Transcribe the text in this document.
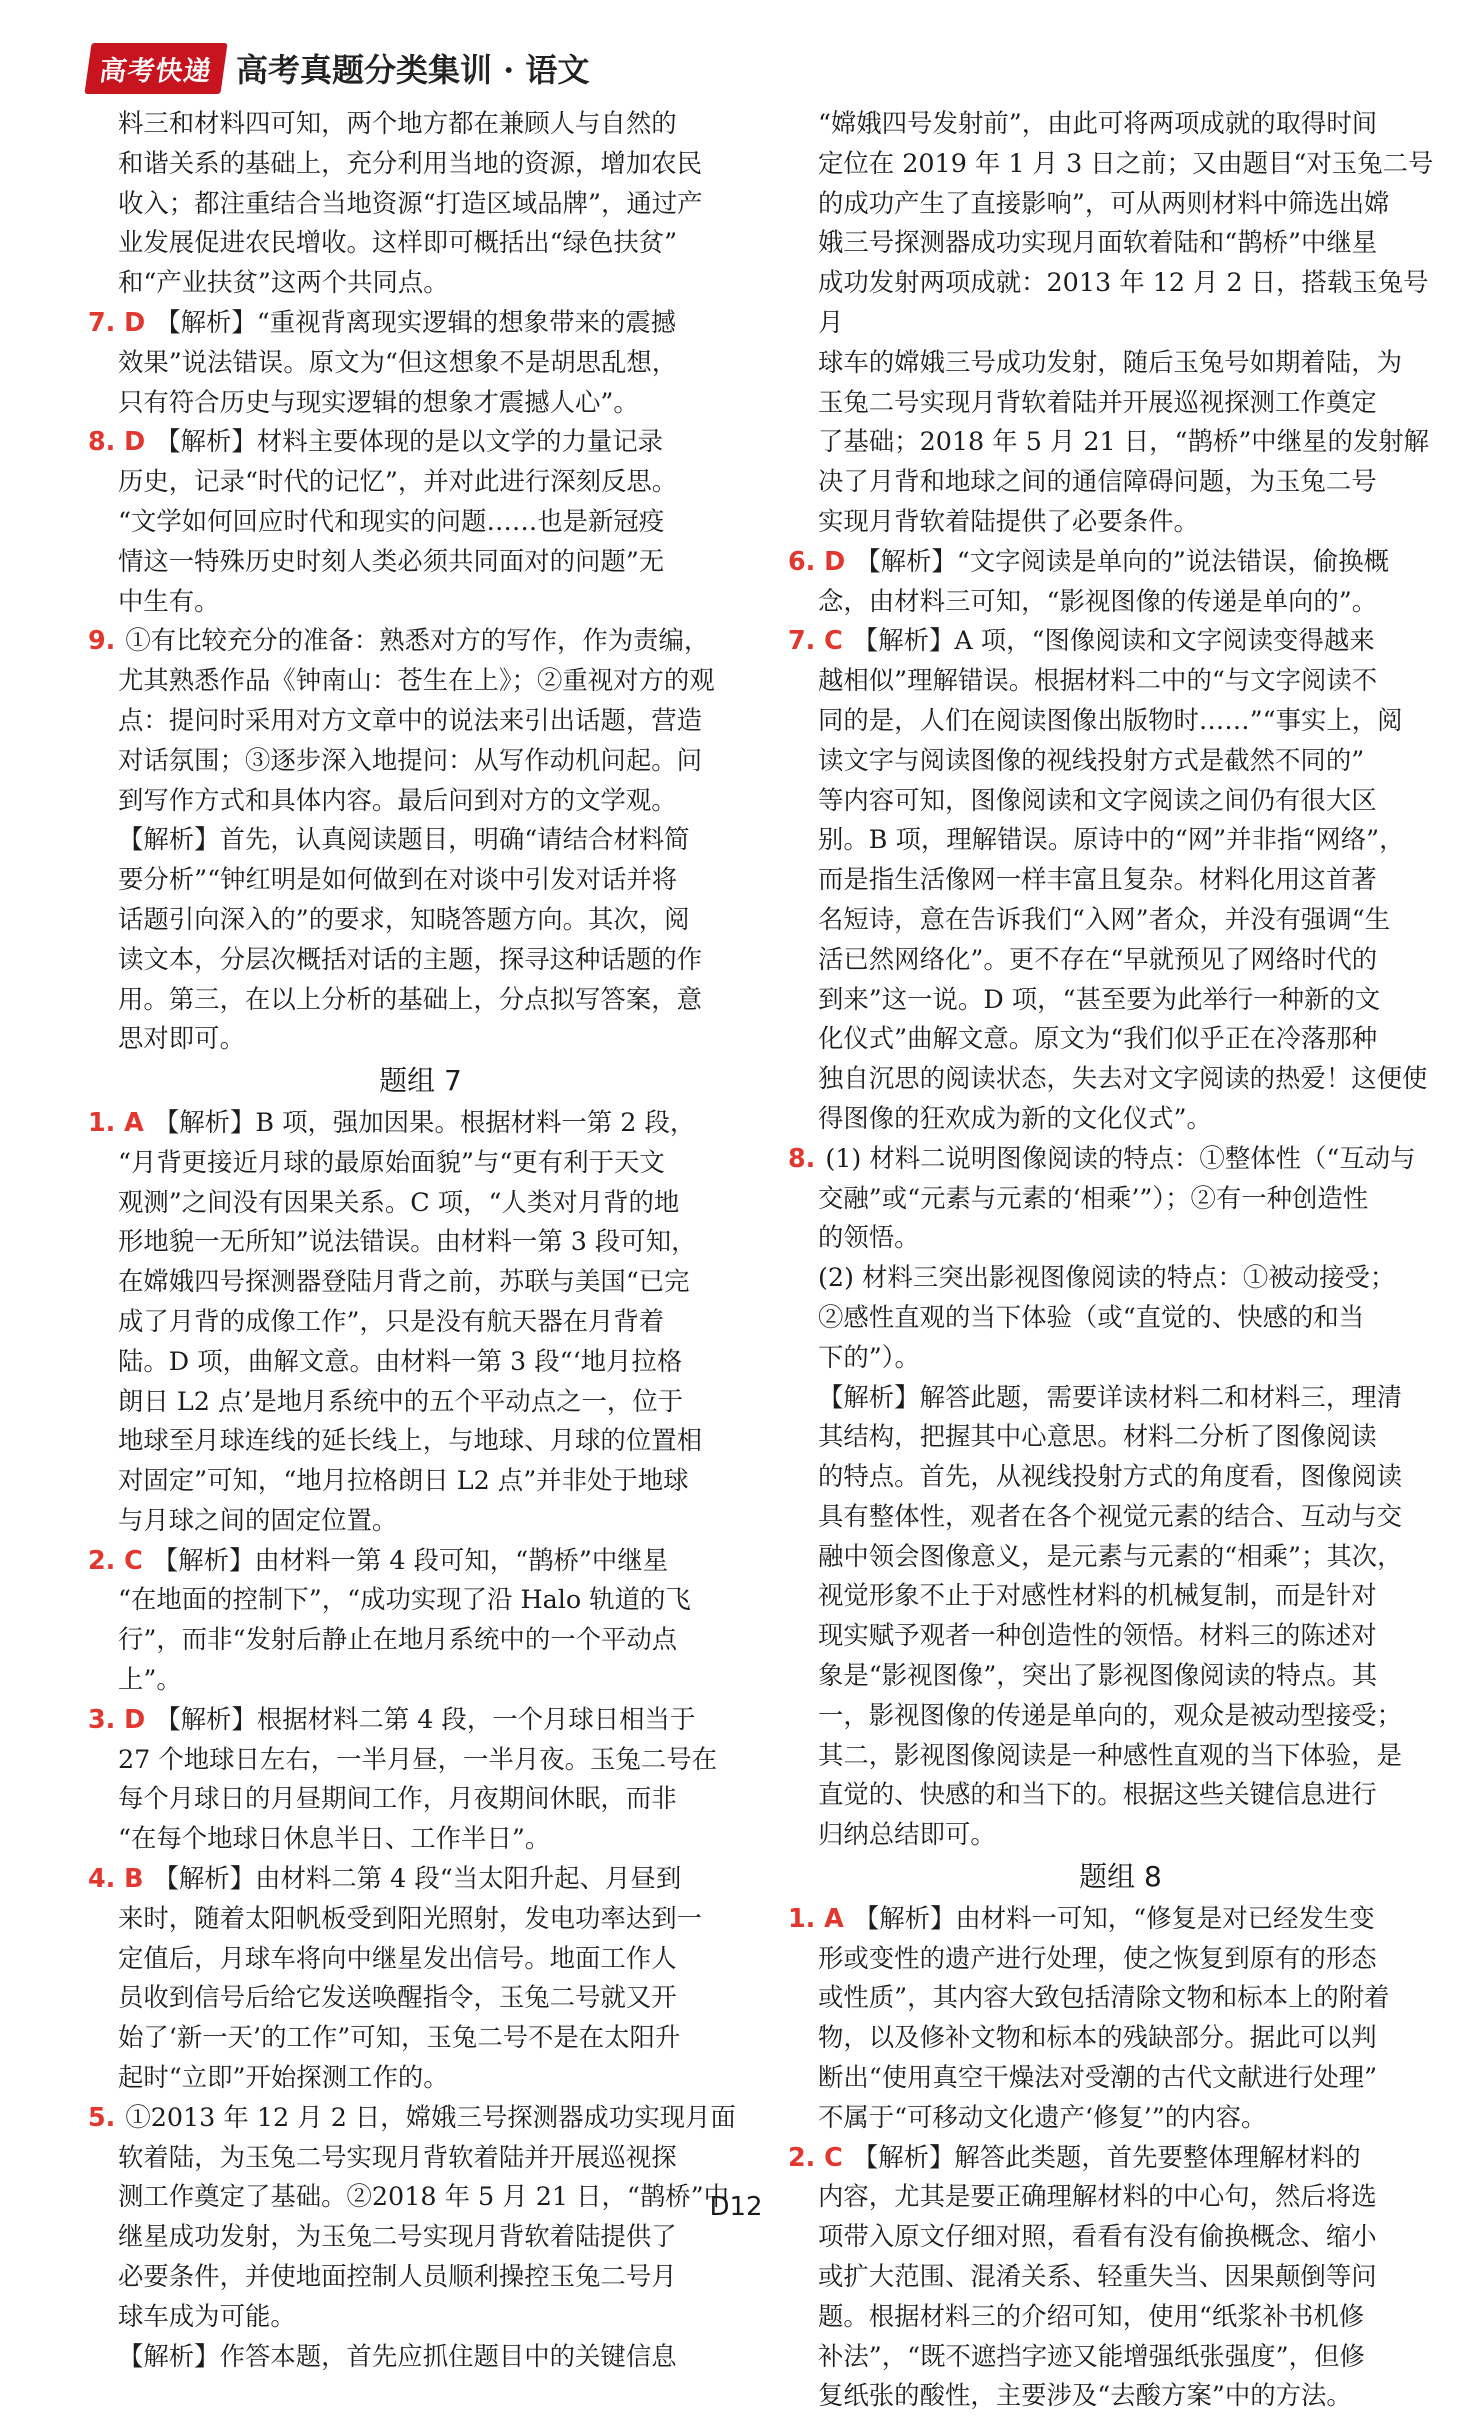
高考快递 高考真题分类集训 · 语文
料三和材料四可知，两个地方都在兼顾人与自然的
和谐关系的基础上，充分利用当地的资源，增加农民
收入；都注重结合当地资源“打造区域品牌”，通过产
业发展促进农民增收。这样即可概括出“绿色扶贫”
和“产业扶贫”这两个共同点。
7. D 【解析】“重视背离现实逻辑的想象带来的震撼
效果”说法错误。原文为“但这想象不是胡思乱想，
只有符合历史与现实逻辑的想象才震撼人心”。
8. D 【解析】材料主要体现的是以文学的力量记录
历史，记录“时代的记忆”，并对此进行深刻反思。
“文学如何回应时代和现实的问题……也是新冠疫
情这一特殊历史时刻人类必须共同面对的问题”无
中生有。
9. ①有比较充分的准备：熟悉对方的写作，作为责编，
尤其熟悉作品《钟南山：苍生在上》；②重视对方的观
点：提问时采用对方文章中的说法来引出话题，营造
对话氛围；③逐步深入地提问：从写作动机问起。问
到写作方式和具体内容。最后问到对方的文学观。
【解析】首先，认真阅读题目，明确“请结合材料简
要分析”“钟红明是如何做到在对谈中引发对话并将
话题引向深入的”的要求，知晓答题方向。其次，阅
读文本，分层次概括对话的主题，探寻这种话题的作
用。第三，在以上分析的基础上，分点拟写答案，意
思对即可。
题组 7
1. A 【解析】B 项，强加因果。根据材料一第 2 段，
“月背更接近月球的最原始面貌”与“更有利于天文
观测”之间没有因果关系。C 项，“人类对月背的地
形地貌一无所知”说法错误。由材料一第 3 段可知，
在嫦娥四号探测器登陆月背之前，苏联与美国“已完
成了月背的成像工作”，只是没有航天器在月背着
陆。D 项，曲解文意。由材料一第 3 段“‘地月拉格
朗日 L2 点’是地月系统中的五个平动点之一，位于
地球至月球连线的延长线上，与地球、月球的位置相
对固定”可知，“地月拉格朗日 L2 点”并非处于地球
与月球之间的固定位置。
2. C 【解析】由材料一第 4 段可知，“鹊桥”中继星
“在地面的控制下”，“成功实现了沿 Halo 轨道的飞
行”，而非“发射后静止在地月系统中的一个平动点
上”。
3. D 【解析】根据材料二第 4 段，一个月球日相当于
27 个地球日左右，一半月昼，一半月夜。玉兔二号在
每个月球日的月昼期间工作，月夜期间休眠，而非
“在每个地球日休息半日、工作半日”。
4. B 【解析】由材料二第 4 段“当太阳升起、月昼到
来时，随着太阳帆板受到阳光照射，发电功率达到一
定值后，月球车将向中继星发出信号。地面工作人
员收到信号后给它发送唤醒指令，玉兔二号就又开
始了‘新一天’的工作”可知，玉兔二号不是在太阳升
起时“立即”开始探测工作的。
5. ①2013 年 12 月 2 日，嫦娥三号探测器成功实现月面
软着陆，为玉兔二号实现月背软着陆并开展巡视探
测工作奠定了基础。②2018 年 5 月 21 日，“鹊桥”中
继星成功发射，为玉兔二号实现月背软着陆提供了
必要条件，并使地面控制人员顺利操控玉兔二号月
球车成为可能。
【解析】作答本题，首先应抓住题目中的关键信息
“嫦娥四号发射前”，由此可将两项成就的取得时间
定位在 2019 年 1 月 3 日之前；又由题目“对玉兔二号
的成功产生了直接影响”，可从两则材料中筛选出嫦
娥三号探测器成功实现月面软着陆和“鹊桥”中继星
成功发射两项成就：2013 年 12 月 2 日，搭载玉兔号月
球车的嫦娥三号成功发射，随后玉兔号如期着陆，为
玉兔二号实现月背软着陆并开展巡视探测工作奠定
了基础；2018 年 5 月 21 日，“鹊桥”中继星的发射解
决了月背和地球之间的通信障碍问题，为玉兔二号
实现月背软着陆提供了必要条件。
6. D 【解析】“文字阅读是单向的”说法错误，偷换概
念，由材料三可知，“影视图像的传递是单向的”。
7. C 【解析】A 项，“图像阅读和文字阅读变得越来
越相似”理解错误。根据材料二中的“与文字阅读不
同的是，人们在阅读图像出版物时……”“事实上，阅
读文字与阅读图像的视线投射方式是截然不同的”
等内容可知，图像阅读和文字阅读之间仍有很大区
别。B 项，理解错误。原诗中的“网”并非指“网络”，
而是指生活像网一样丰富且复杂。材料化用这首著
名短诗，意在告诉我们“入网”者众，并没有强调“生
活已然网络化”。更不存在“早就预见了网络时代的
到来”这一说。D 项，“甚至要为此举行一种新的文
化仪式”曲解文意。原文为“我们似乎正在冷落那种
独自沉思的阅读状态，失去对文字阅读的热爱！这便使
得图像的狂欢成为新的文化仪式”。
8. (1) 材料二说明图像阅读的特点：①整体性（“互动与
交融”或“元素与元素的‘相乘’”）；②有一种创造性
的领悟。
(2) 材料三突出影视图像阅读的特点：①被动接受；
②感性直观的当下体验（或“直觉的、快感的和当
下的”）。
【解析】解答此题，需要详读材料二和材料三，理清
其结构，把握其中心意思。材料二分析了图像阅读
的特点。首先，从视线投射方式的角度看，图像阅读
具有整体性，观者在各个视觉元素的结合、互动与交
融中领会图像意义，是元素与元素的“相乘”；其次，
视觉形象不止于对感性材料的机械复制，而是针对
现实赋予观者一种创造性的领悟。材料三的陈述对
象是“影视图像”，突出了影视图像阅读的特点。其
一，影视图像的传递是单向的，观众是被动型接受；
其二，影视图像阅读是一种感性直观的当下体验，是
直觉的、快感的和当下的。根据这些关键信息进行
归纳总结即可。
题组 8
1. A 【解析】由材料一可知，“修复是对已经发生变
形或变性的遗产进行处理，使之恢复到原有的形态
或性质”，其内容大致包括清除文物和标本上的附着
物，以及修补文物和标本的残缺部分。据此可以判
断出“使用真空干燥法对受潮的古代文献进行处理”
不属于“可移动文化遗产‘修复’”的内容。
2. C 【解析】解答此类题，首先要整体理解材料的
内容，尤其是要正确理解材料的中心句，然后将选
项带入原文仔细对照，看看有没有偷换概念、缩小
或扩大范围、混淆关系、轻重失当、因果颠倒等问
题。根据材料三的介绍可知，使用“纸浆补书机修
补法”，“既不遮挡字迹又能增强纸张强度”，但修
复纸张的酸性，主要涉及“去酸方案”中的方法。
D12
